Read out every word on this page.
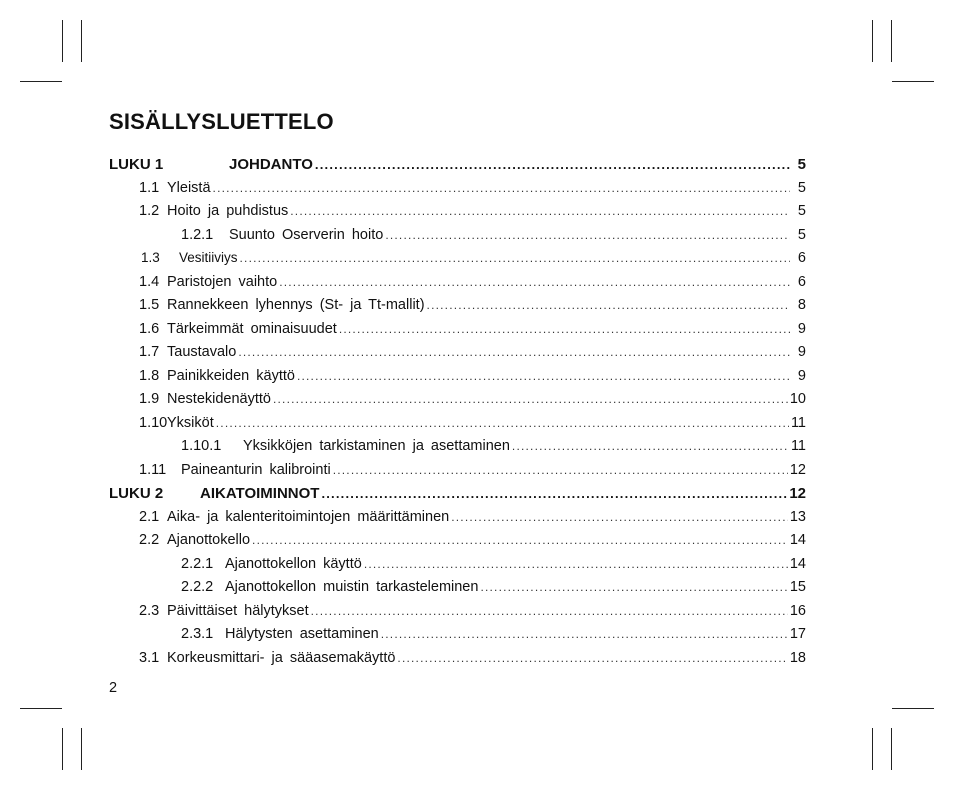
SISÄLLYSLUETTELO
LUKU 1	JOHDANTO .....	5
1.1 Yleistä .....	5
1.2 Hoito ja puhdistus .....	5
1.2.1	Suunto Oserverin hoito .....	5
1.3	Vesitiiviys .....	6
1.4 Paristojen vaihto .....	6
1.5 Rannekkeen lyhennys (St- ja Tt-mallit) .....	8
1.6 Tärkeimmät ominaisuudet .....	9
1.7 Taustavalo .....	9
1.8 Painikkeiden käyttö .....	9
1.9 Nestekidenäyttö .....	10
1.10 Yksiköt .....	11
1.10.1	Yksikköjen tarkistaminen ja asettaminen .....	11
1.11	Paineanturin kalibrointi .....	12
LUKU 2	AIKATOIMINNOT .....	12
2.1 Aika- ja kalenteritoimintojen määrittäminen .....	13
2.2 Ajanottokello .....	14
2.2.1 Ajanottokellon käyttö .....	14
2.2.2 Ajanottokellon muistin tarkasteleminen .....	15
2.3 Päivittäiset hälytykset .....	16
2.3.1 Hälytysten asettaminen .....	17
3.1 Korkeusmittari- ja sääasemakäyttö .....	18
2
